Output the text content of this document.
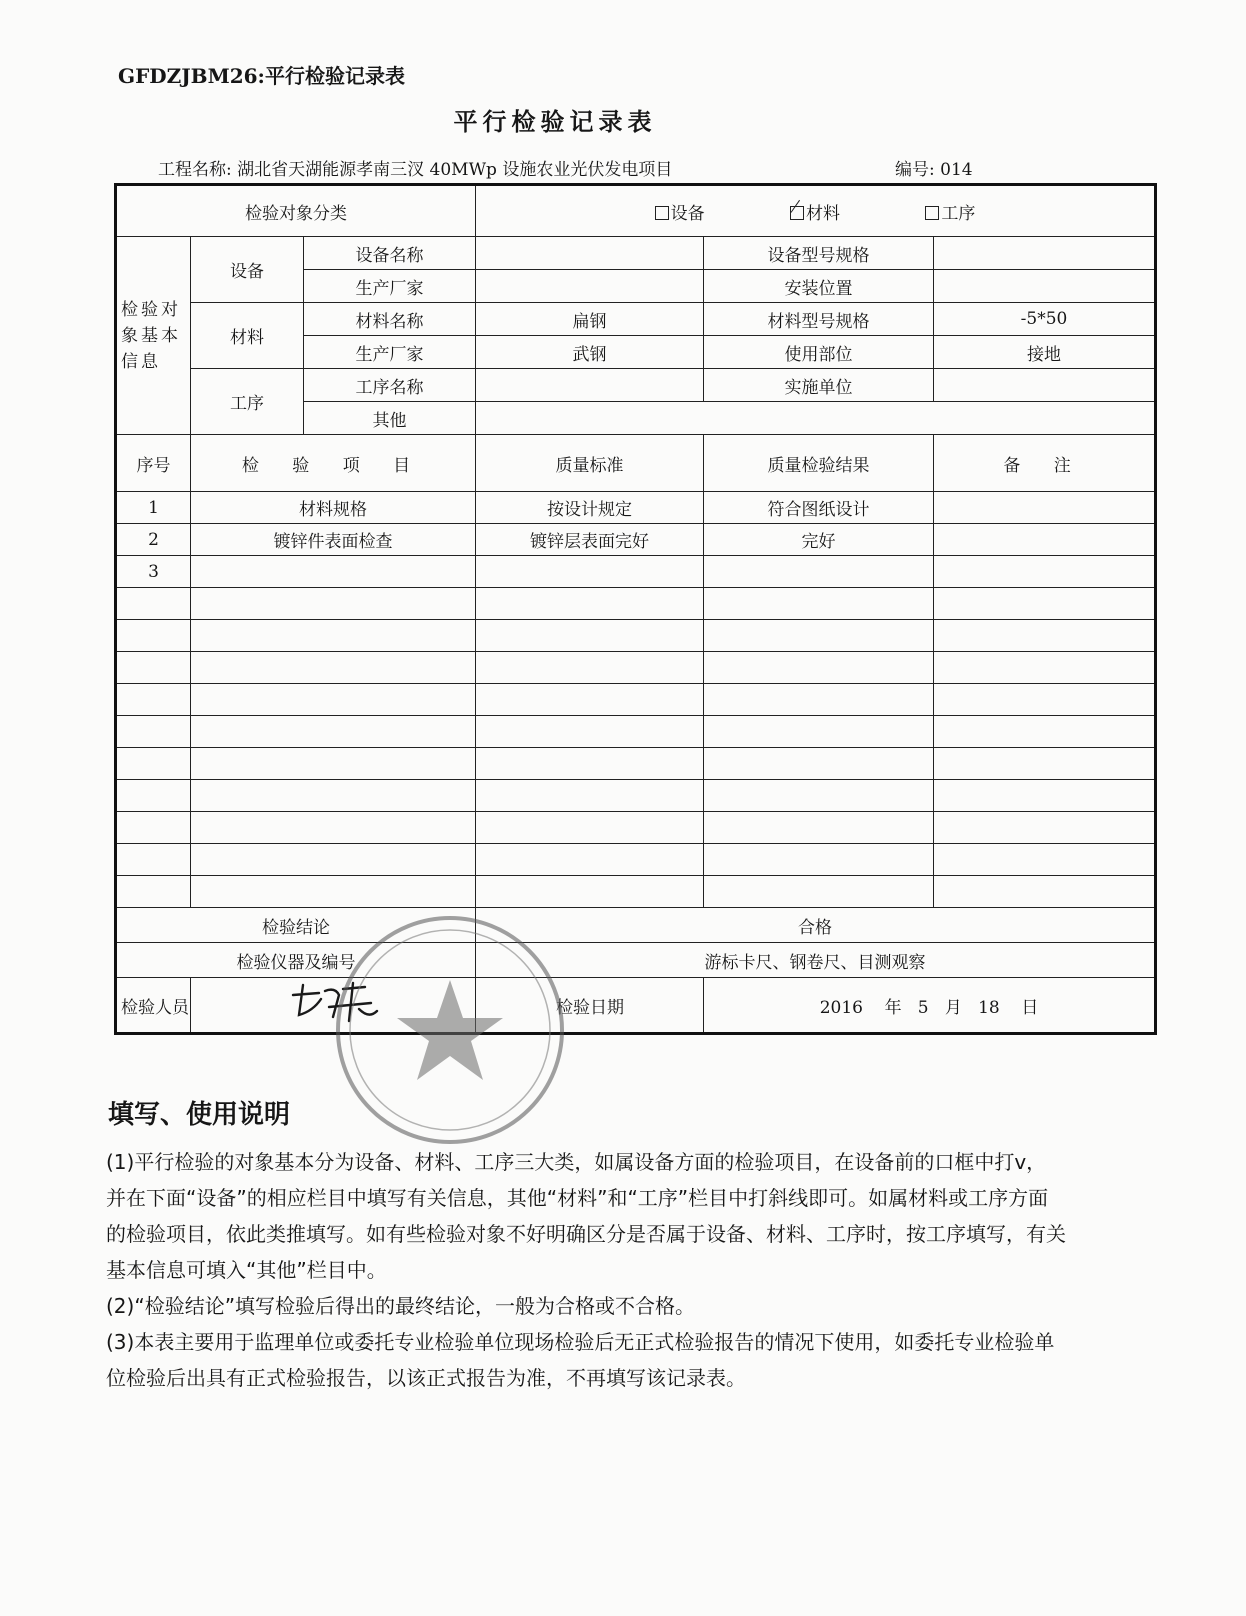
GFDZJBM26:平行检验记录表
平行检验记录表
工程名称: 湖北省天湖能源孝南三汊 40MWp 设施农业光伏发电项目	编号: 014
检验对象分类			设备 材料 工序		
检验对象基本信息	设备	设备名称		设备型号规格	
		生产厂家		安装位置	
	材料	材料名称	扁钢	材料型号规格	-5*50
		生产厂家	武钢	使用部位	接地
	工序	工序名称		实施单位	
		其他			
序号	检 验 项 目		质量标准	质量检验结果	备 注
1	材料规格		按设计规定	符合图纸设计	
2	镀锌件表面检查		镀锌层表面完好	完好	
3					

检验结论			合格		
检验仪器及编号			游标卡尺、钢卷尺、目测观察		
检验人员			检验日期	2016 年 5 月 18 日	
填写、使用说明

(1)平行检验的对象基本分为设备、材料、工序三大类，如属设备方面的检验项目，在设备前的口框中打v，并在下面“设备”的相应栏目中填写有关信息，其他“材料”和“工序”栏目中打斜线即可。如属材料或工序方面的检验项目，依此类推填写。如有些检验对象不好明确区分是否属于设备、材料、工序时，按工序填写，有关基本信息可填入“其他”栏目中。

(2)“检验结论”填写检验后得出的最终结论，一般为合格或不合格。

(3)本表主要用于监理单位或委托专业检验单位现场检验后无正式检验报告的情况下使用，如委托专业检验单位检验后出具有正式检验报告，以该正式报告为准，不再填写该记录表。
